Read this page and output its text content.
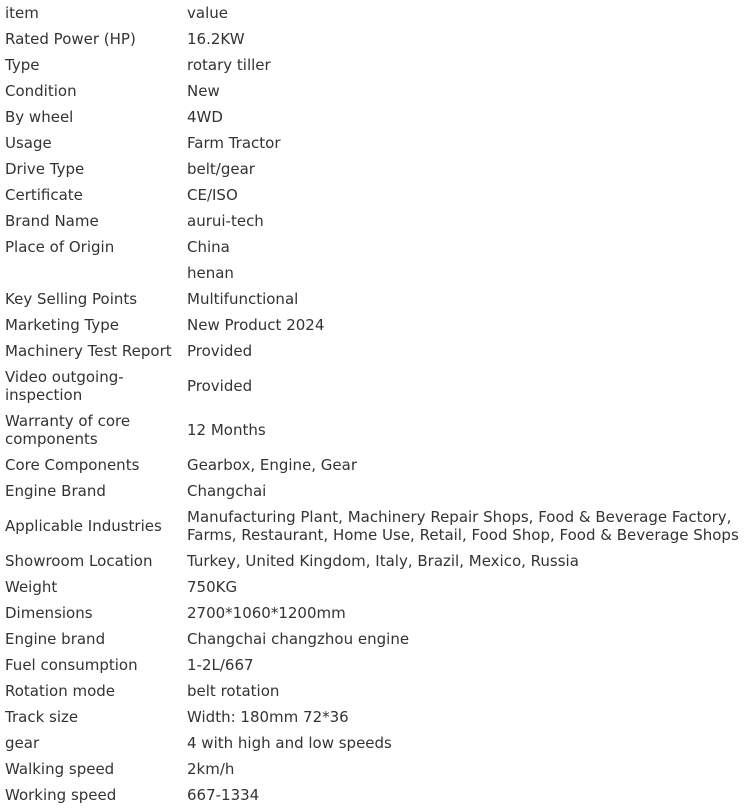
item	value
Rated Power (HP)	16.2KW
Type	rotary tiller
Condition	New
By wheel	4WD
Usage	Farm Tractor
Drive Type	belt/gear
Certificate	CE/ISO
Brand Name	aurui-tech
Place of Origin	China
	henan
Key Selling Points	Multifunctional
Marketing Type	New Product 2024
Machinery Test Report	Provided
Video outgoing-inspection	Provided
Warranty of core components	12 Months
Core Components	Gearbox, Engine, Gear
Engine Brand	Changchai
Applicable Industries	Manufacturing Plant, Machinery Repair Shops, Food & Beverage Factory, Farms, Restaurant, Home Use, Retail, Food Shop, Food & Beverage Shops
Showroom Location	Turkey, United Kingdom, Italy, Brazil, Mexico, Russia
Weight	750KG
Dimensions	2700*1060*1200mm
Engine brand	Changchai changzhou engine
Fuel consumption	1-2L/667
Rotation mode	belt rotation
Track size	Width: 180mm 72*36
gear	4 with high and low speeds
Walking speed	2km/h
Working speed	667-1334
